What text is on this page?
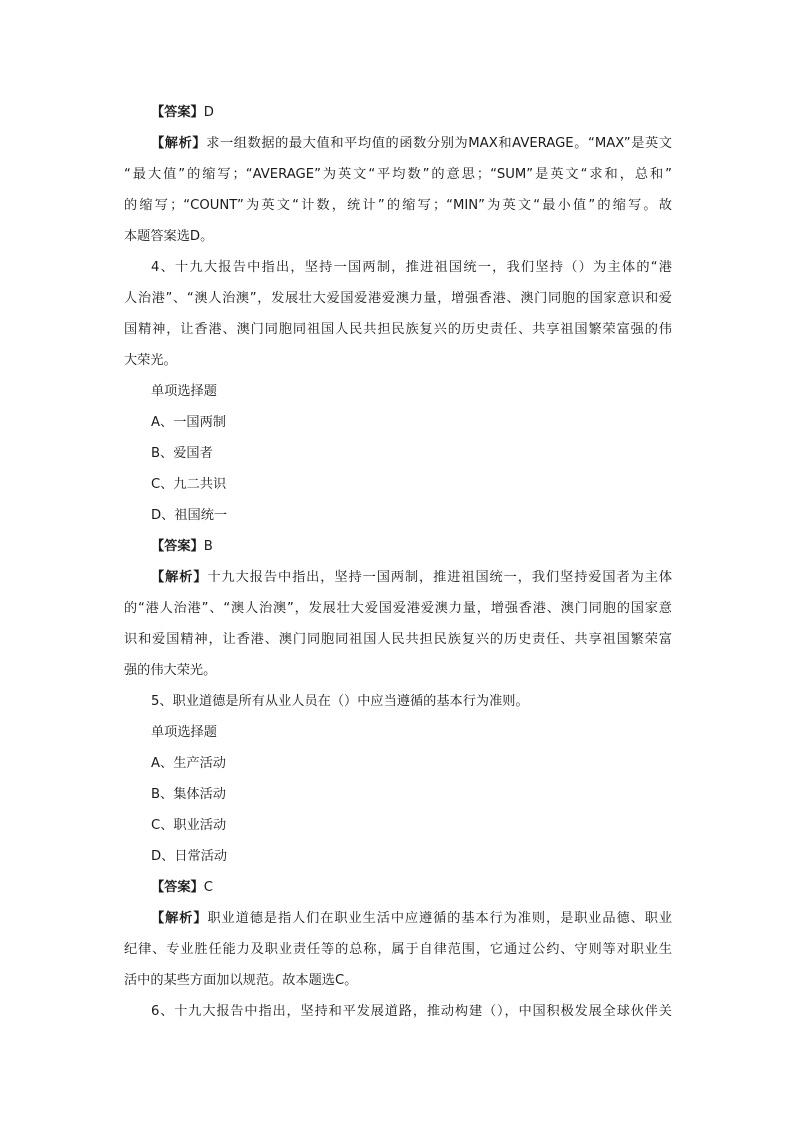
【答案】D
【解析】求一组数据的最大值和平均值的函数分别为MAX和AVERAGE。“MAX”是英文
“最大值”的缩写；“AVERAGE”为英文“平均数”的意思；“SUM”是英文“求和，总和”
的缩写；“COUNT”为英文“计数，统计”的缩写；“MIN”为英文“最小值”的缩写。故
本题答案选D。
4、十九大报告中指出，坚持一国两制，推进祖国统一，我们坚持（）为主体的“港
人治港”、“澳人治澳”，发展壮大爱国爱港爱澳力量，增强香港、澳门同胞的国家意识和爱
国精神，让香港、澳门同胞同祖国人民共担民族复兴的历史责任、共享祖国繁荣富强的伟
大荣光。
单项选择题
A、一国两制
B、爱国者
C、九二共识
D、祖国统一
【答案】B
【解析】十九大报告中指出，坚持一国两制，推进祖国统一，我们坚持爱国者为主体
的“港人治港”、“澳人治澳”，发展壮大爱国爱港爱澳力量，增强香港、澳门同胞的国家意
识和爱国精神，让香港、澳门同胞同祖国人民共担民族复兴的历史责任、共享祖国繁荣富
强的伟大荣光。
5、职业道德是所有从业人员在（）中应当遵循的基本行为准则。
单项选择题
A、生产活动
B、集体活动
C、职业活动
D、日常活动
【答案】C
【解析】职业道德是指人们在职业生活中应遵循的基本行为准则，是职业品德、职业
纪律、专业胜任能力及职业责任等的总称，属于自律范围，它通过公约、守则等对职业生
活中的某些方面加以规范。故本题选C。
6、十九大报告中指出，坚持和平发展道路，推动构建（），中国积极发展全球伙伴关
